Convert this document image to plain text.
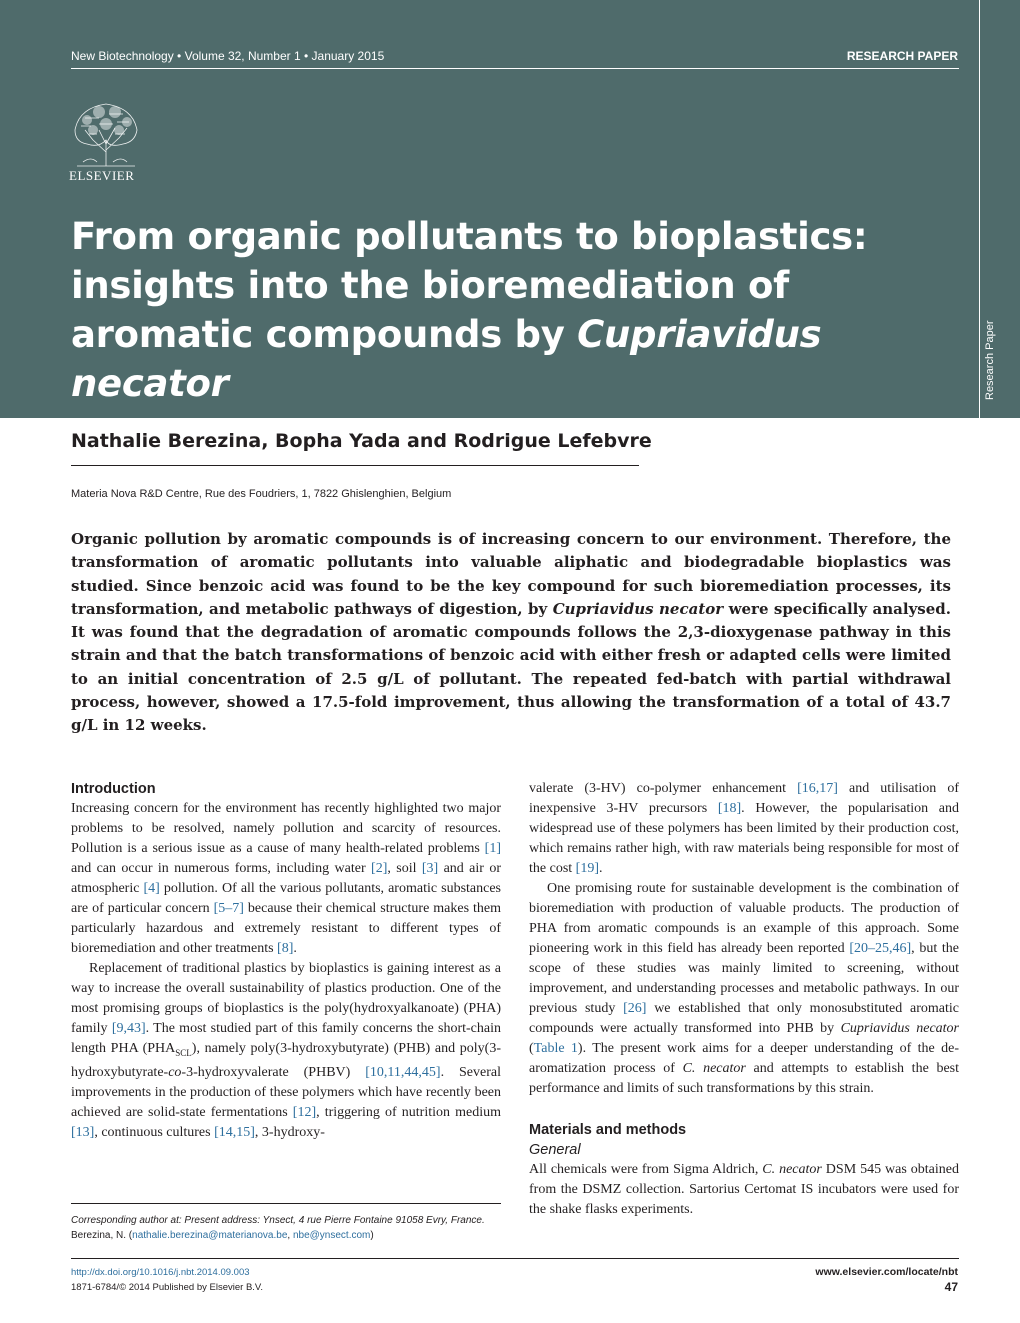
New Biotechnology • Volume 32, Number 1 • January 2015	RESEARCH PAPER
ELSEVIER
From organic pollutants to bioplastics:
insights into the bioremediation of
aromatic compounds by Cupriavidus
necator	Research Paper
Nathalie Berezina, Bopha Yada and Rodrigue Lefebvre
Materia Nova R&D Centre, Rue des Foudriers, 1, 7822 Ghislenghien, Belgium
Organic pollution by aromatic compounds is of increasing concern to our environment. Therefore, the transformation of aromatic pollutants into valuable aliphatic and biodegradable bioplastics was studied. Since benzoic acid was found to be the key compound for such bioremediation processes, its transformation, and metabolic pathways of digestion, by Cupriavidus necator were specifically analysed. It was found that the degradation of aromatic compounds follows the 2,3-dioxygenase pathway in this strain and that the batch transformations of benzoic acid with either fresh or adapted cells were limited to an initial concentration of 2.5 g/L of pollutant. The repeated fed-batch with partial withdrawal process, however, showed a 17.5-fold improvement, thus allowing the transformation of a total of 43.7 g/L in 12 weeks.
Introduction

Increasing concern for the environment has recently highlighted two major problems to be resolved, namely pollution and scarcity of resources. Pollution is a serious issue as a cause of many health-related problems [1] and can occur in numerous forms, including water [2], soil [3] and air or atmospheric [4] pollution. Of all the various pollutants, aromatic substances are of particular concern [5–7] because their chemical structure makes them particularly hazardous and extremely resistant to different types of bioremediation and other treatments [8].

Replacement of traditional plastics by bioplastics is gaining interest as a way to increase the overall sustainability of plastics production. One of the most promising groups of bioplastics is the poly(hydroxyalkanoate) (PHA) family [9,43]. The most studied part of this family concerns the short-chain length PHA $(PHA_{SCL})$, namely poly(3-hydroxybutyrate) (PHB) and poly(3-hydroxybutyrate-co-3-hydroxyvalerate (PHBV) [10,11,44,45]. Several improvements in the production of these polymers which have recently been achieved are solid-state fermentations [12], triggering of nutrition medium [13], continuous cultures [14,15], 3-hydroxy-

valerate (3-HV) co-polymer enhancement [16,17] and utilisation of inexpensive 3-HV precursors [18]. However, the popularisation and widespread use of these polymers has been limited by their production cost, which remains rather high, with raw materials being responsible for most of the cost [19].

One promising route for sustainable development is the combination of bioremediation with production of valuable products. The production of PHA from aromatic compounds is an example of this approach. Some pioneering work in this field has already been reported [20–25,46], but the scope of these studies was mainly limited to screening, without improvement, and understanding processes and metabolic pathways. In our previous study [26] we established that only monosubstituted aromatic compounds were actually transformed into PHB by Cupriavidus necator (Table 1). The present work aims for a deeper understanding of the de-aromatization process of C. necator and attempts to establish the best performance and limits of such transformations by this strain.

Materials and methods
General

All chemicals were from Sigma Aldrich, C. necator DSM 545 was obtained from the DSMZ collection. Sartorius Certomat IS incubators were used for the shake flasks experiments.

Corresponding author at: Present address: Ynsect, 4 rue Pierre Fontaine 91058 Evry, France.
Berezina, N. (nathalie.berezina@materianova.be, nbe@ynsect.com)
http://dx.doi.org/10.1016/j.nbt.2014.09.003
1871-6784/© 2014 Published by Elsevier B.V.
www.elsevier.com/locate/nbt
47
